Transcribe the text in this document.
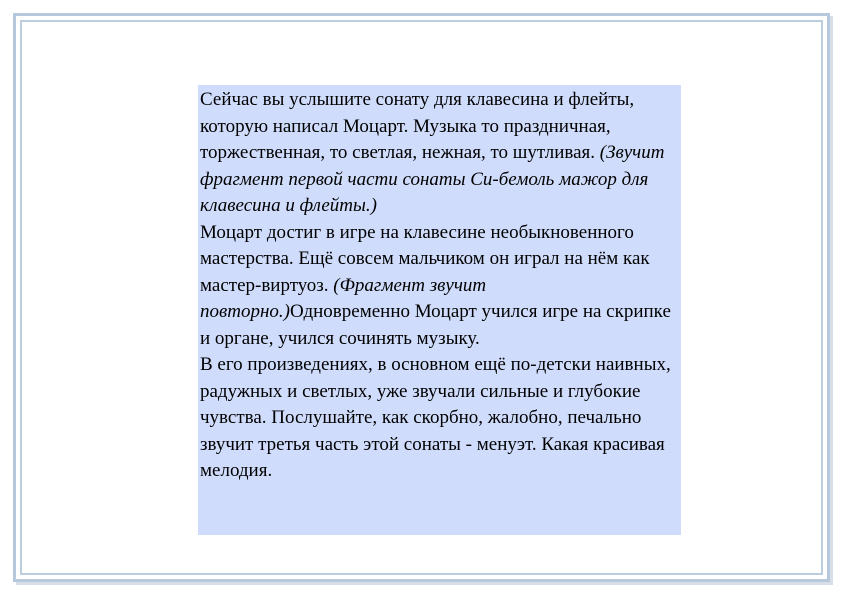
Сейчас вы услышите сонату для клавесина и флейты, которую написал Моцарт. Музыка то праздничная, торжественная, то светлая, нежная, то шутливая. (Звучит фрагмент первой части сонаты Си-бемоль мажор для клавесина и флейты.)

Моцарт достиг в игре на клавесине необыкновенного мастерства. Ещё совсем мальчиком он играл на нём как мастер-виртуоз. (Фрагмент звучит повторно.)Одновременно Моцарт учился игре на скрипке и органе, учился сочинять музыку.

В его произведениях, в основном ещё по-детски наивных, радужных и светлых, уже звучали сильные и глубокие чувства. Послушайте, как скорбно, жалобно, печально звучит третья часть этой сонаты - менуэт. Какая красивая мелодия.
